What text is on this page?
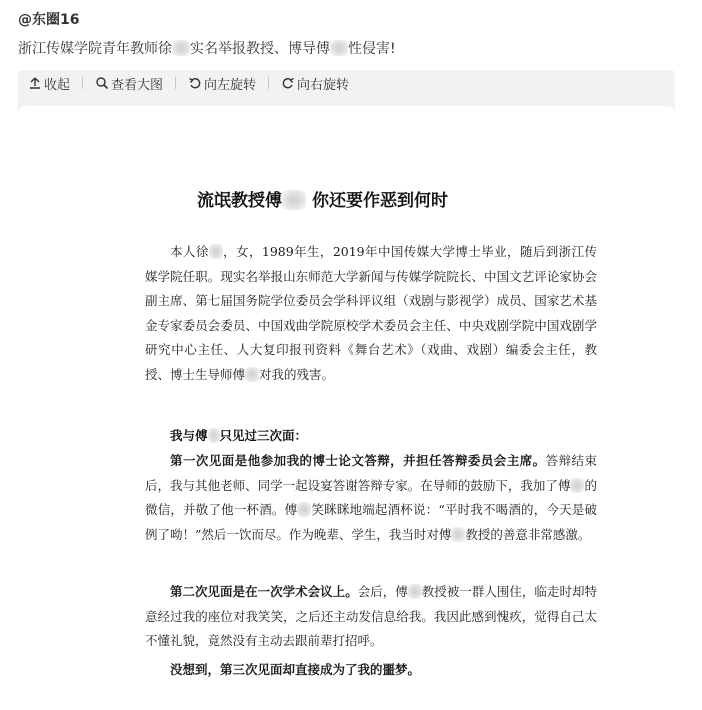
@东圈16
浙江传媒学院青年教师徐 实名举报教授、博导傅 性侵害!
收起	查看大图	向左旋转	向右旋转
流氓教授傅 你还要作恶到何时
本人徐 ，女，1989年生，2019年中国传媒大学博士毕业，随后到浙江传媒学院任职。现实名举报山东师范大学新闻与传媒学院院长、中国文艺评论家协会副主席、第七届国务院学位委员会学科评议组（戏剧与影视学）成员、国家艺术基金专家委员会委员、中国戏曲学院原校学术委员会主任、中央戏剧学院中国戏剧学研究中心主任、人大复印报刊资料《舞台艺术》（戏曲、戏剧）编委会主任，教授、博士生导师傅 对我的残害。
我与傅 只见过三次面：
第一次见面是他参加我的博士论文答辩，并担任答辩委员会主席。答辩结束后，我与其他老师、同学一起设宴答谢答辩专家。在导师的鼓励下，我加了傅 的微信，并敬了他一杯酒。傅 笑眯眯地端起酒杯说：“平时我不喝酒的，今天是破例了呦！”然后一饮而尽。作为晚辈、学生，我当时对傅 教授的善意非常感激。
第二次见面是在一次学术会议上。会后，傅 教授被一群人围住，临走时却特意经过我的座位对我笑笑，之后还主动发信息给我。我因此感到愧疚，觉得自己太不懂礼貌，竟然没有主动去跟前辈打招呼。
没想到，第三次见面却直接成为了我的噩梦。
